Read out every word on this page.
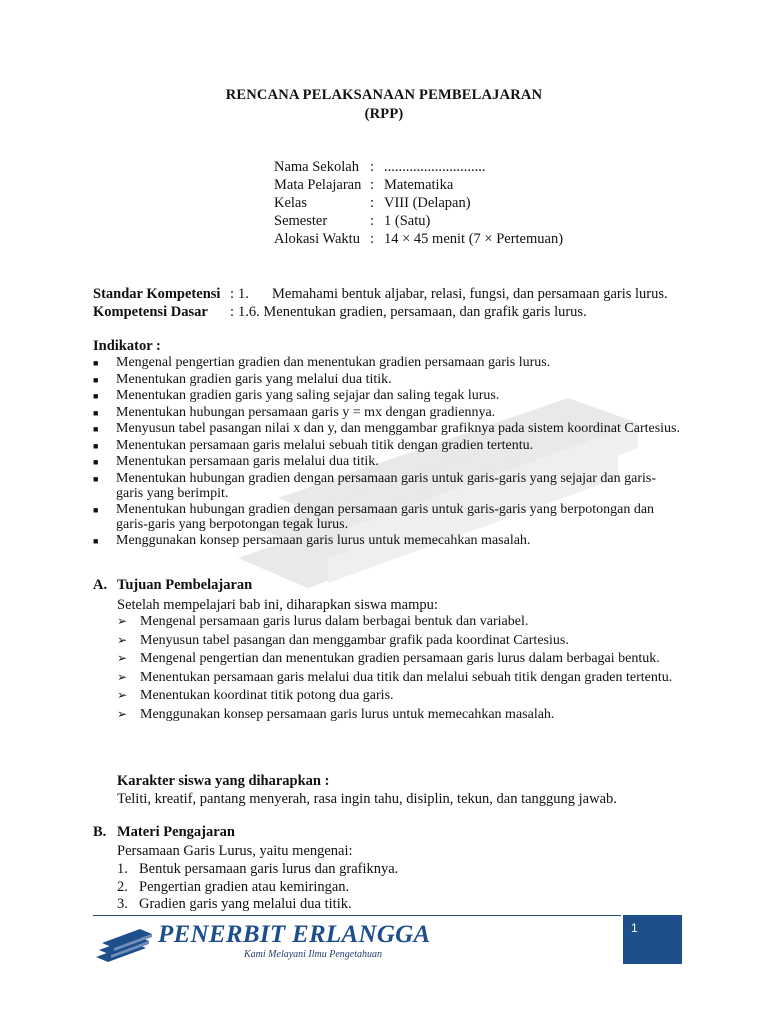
RENCANA PELAKSANAAN PEMBELAJARAN
(RPP)
Nama Sekolah : ............................
Mata Pelajaran : Matematika
Kelas	: VIII (Delapan)
Semester	: 1 (Satu)
Alokasi Waktu : 14 × 45 menit (7 × Pertemuan)
Standar Kompetensi : 1.	Memahami bentuk aljabar, relasi, fungsi, dan persamaan garis lurus.
Kompetensi Dasar	: 1.6. Menentukan gradien, persamaan, dan grafik garis lurus.
Indikator :
■	Mengenal pengertian gradien dan menentukan gradien persamaan garis lurus.
■	Menentukan gradien garis yang melalui dua titik.
■	Menentukan gradien garis yang saling sejajar dan saling tegak lurus.
■	Menentukan hubungan persamaan garis y = mx dengan gradiennya.
■	Menyusun tabel pasangan nilai x dan y, dan menggambar grafiknya pada sistem koordinat Cartesius.
■	Menentukan persamaan garis melalui sebuah titik dengan gradien tertentu.
■	Menentukan persamaan garis melalui dua titik.
■	Menentukan hubungan gradien dengan persamaan garis untuk garis-garis yang sejajar dan garis-garis yang berimpit.
■	Menentukan hubungan gradien dengan persamaan garis untuk garis-garis yang berpotongan dan garis-garis yang berpotongan tegak lurus.
■	Menggunakan konsep persamaan garis lurus untuk memecahkan masalah.
A. Tujuan Pembelajaran
Setelah mempelajari bab ini, diharapkan siswa mampu:
➢ Mengenal persamaan garis lurus dalam berbagai bentuk dan variabel.
➢ Menyusun tabel pasangan dan menggambar grafik pada koordinat Cartesius.
➢ Mengenal pengertian dan menentukan gradien persamaan garis lurus dalam berbagai bentuk.
➢ Menentukan persamaan garis melalui dua titik dan melalui sebuah titik dengan graden tertentu.
➢ Menentukan koordinat titik potong dua garis.
➢ Menggunakan konsep persamaan garis lurus untuk memecahkan masalah.
Karakter siswa yang diharapkan :
Teliti, kreatif, pantang menyerah, rasa ingin tahu, disiplin, tekun, dan tanggung jawab.
B. Materi Pengajaran
Persamaan Garis Lurus, yaitu mengenai:
1. Bentuk persamaan garis lurus dan grafiknya.
2. Pengertian gradien atau kemiringan.
3. Gradien garis yang melalui dua titik.
PENERBIT ERLANGGA
Kami Melayani Ilmu Pengetahuan
1
